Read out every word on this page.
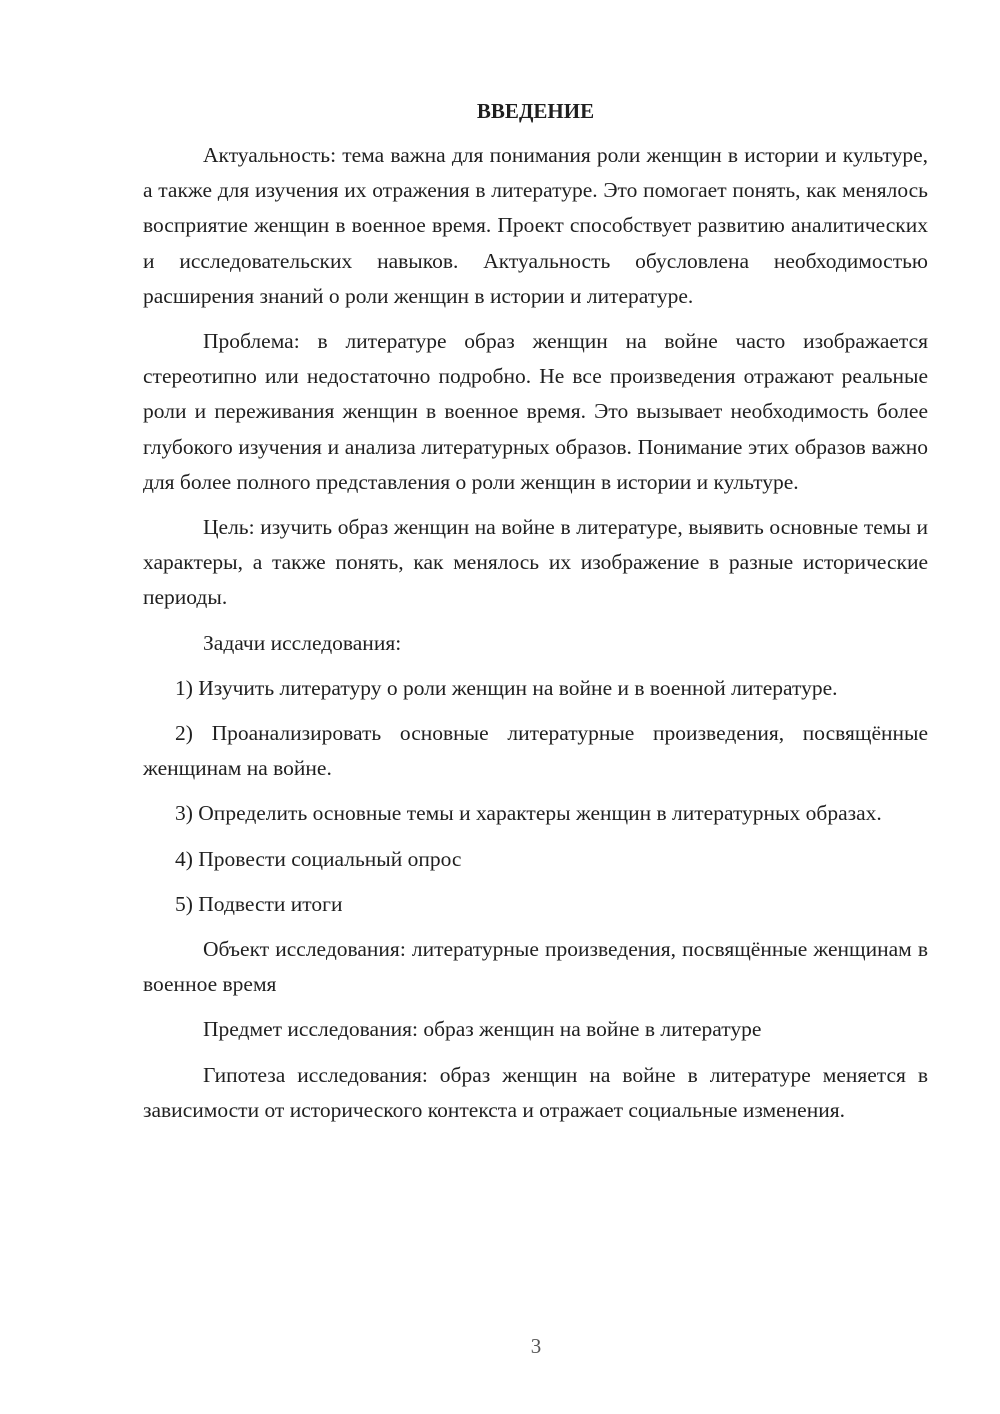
ВВЕДЕНИЕ

Актуальность: тема важна для понимания роли женщин в истории и культуре, а также для изучения их отражения в литературе. Это помогает понять, как менялось восприятие женщин в военное время. Проект способствует развитию аналитических и исследовательских навыков. Актуальность обусловлена необходимостью расширения знаний о роли женщин в истории и литературе.

Проблема: в литературе образ женщин на войне часто изображается стереотипно или недостаточно подробно. Не все произведения отражают реальные роли и переживания женщин в военное время. Это вызывает необходимость более глубокого изучения и анализа литературных образов. Понимание этих образов важно для более полного представления о роли женщин в истории и культуре.

Цель: изучить образ женщин на войне в литературе, выявить основные темы и характеры, а также понять, как менялось их изображение в разные исторические периоды.

Задачи исследования:

1) Изучить литературу о роли женщин на войне и в военной литературе.

2) Проанализировать основные литературные произведения, посвящённые женщинам на войне.

3) Определить основные темы и характеры женщин в литературных образах.

4) Провести социальный опрос

5) Подвести итоги

Объект исследования: литературные произведения, посвящённые женщинам в военное время

Предмет исследования: образ женщин на войне в литературе

Гипотеза исследования: образ женщин на войне в литературе меняется в зависимости от исторического контекста и отражает социальные изменения.

3
